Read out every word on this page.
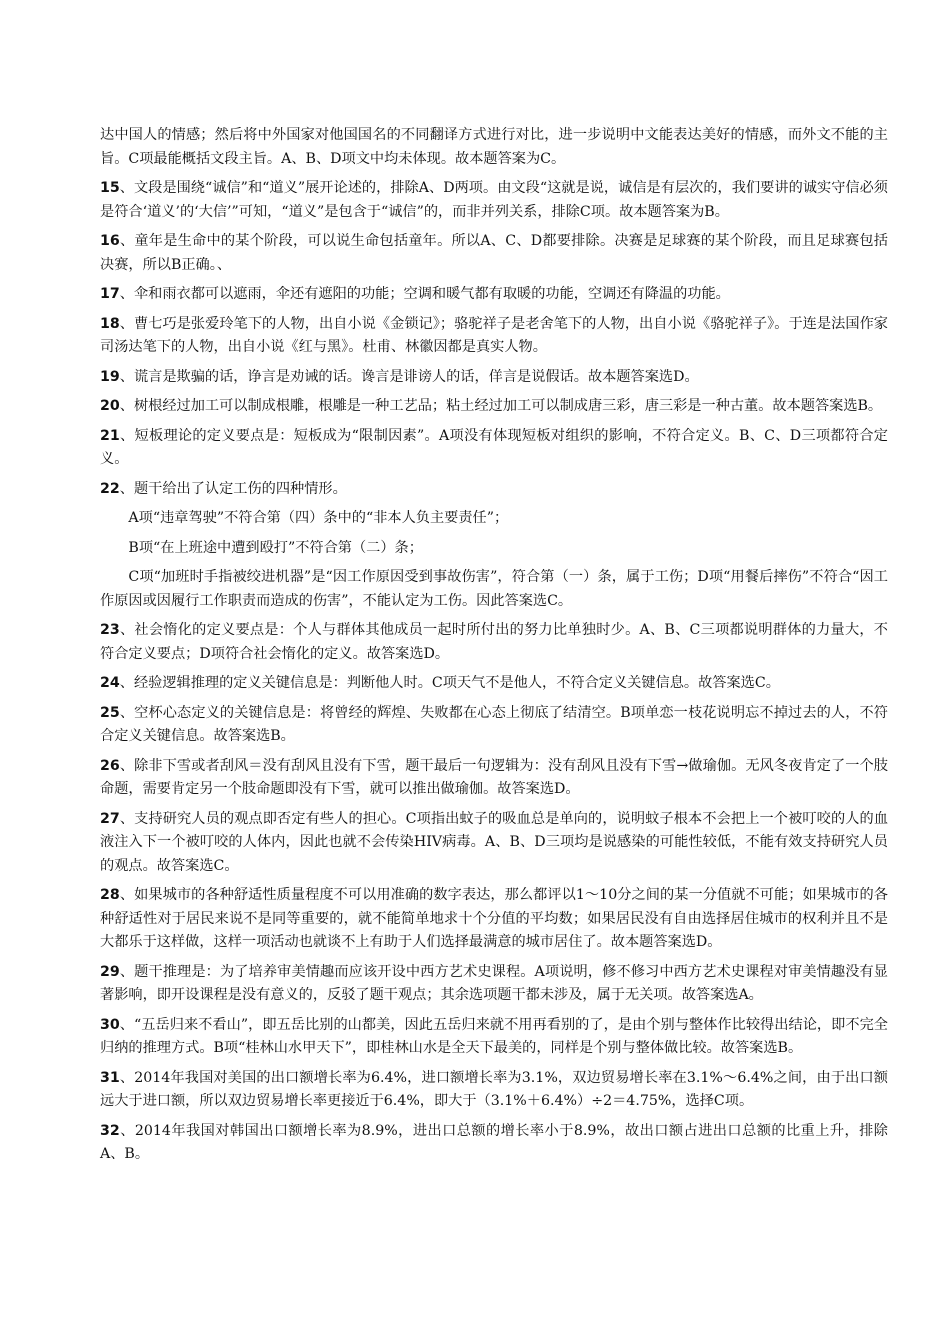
达中国人的情感；然后将中外国家对他国国名的不同翻译方式进行对比，进一步说明中文能表达美好的情感，而外文不能的主旨。C项最能概括文段主旨。A、B、D项文中均未体现。故本题答案为C。

15、文段是围绕“诚信”和“道义”展开论述的，排除A、D两项。由文段“这就是说，诚信是有层次的，我们要讲的诚实守信必须是符合‘道义’的‘大信’”可知，“道义”是包含于“诚信”的，而非并列关系，排除C项。故本题答案为B。

16、童年是生命中的某个阶段，可以说生命包括童年。所以A、C、D都要排除。决赛是足球赛的某个阶段，而且足球赛包括决赛，所以B正确。、

17、伞和雨衣都可以遮雨，伞还有遮阳的功能；空调和暖气都有取暖的功能，空调还有降温的功能。

18、曹七巧是张爱玲笔下的人物，出自小说《金锁记》；骆驼祥子是老舍笔下的人物，出自小说《骆驼祥子》。于连是法国作家司汤达笔下的人物，出自小说《红与黑》。杜甫、林徽因都是真实人物。

19、谎言是欺骗的话，诤言是劝诫的话。谗言是诽谤人的话，佯言是说假话。故本题答案选D。

20、树根经过加工可以制成根雕，根雕是一种工艺品；粘土经过加工可以制成唐三彩，唐三彩是一种古董。故本题答案选B。

21、短板理论的定义要点是：短板成为“限制因素”。A项没有体现短板对组织的影响，不符合定义。B、C、D三项都符合定义。

22、题干给出了认定工伤的四种情形。

A项“违章驾驶”不符合第（四）条中的“非本人负主要责任”；

B项“在上班途中遭到殴打”不符合第（二）条；

C项“加班时手指被绞进机器”是“因工作原因受到事故伤害”，符合第（一）条，属于工伤；D项“用餐后摔伤”不符合“因工作原因或因履行工作职责而造成的伤害”，不能认定为工伤。因此答案选C。

23、社会惰化的定义要点是：个人与群体其他成员一起时所付出的努力比单独时少。A、B、C三项都说明群体的力量大，不符合定义要点；D项符合社会惰化的定义。故答案选D。

24、经验逻辑推理的定义关键信息是：判断他人时。C项天气不是他人，不符合定义关键信息。故答案选C。

25、空杯心态定义的关键信息是：将曾经的辉煌、失败都在心态上彻底了结清空。B项单恋一枝花说明忘不掉过去的人，不符合定义关键信息。故答案选B。

26、除非下雪或者刮风＝没有刮风且没有下雪，题干最后一句逻辑为：没有刮风且没有下雪→做瑜伽。无风冬夜肯定了一个肢命题，需要肯定另一个肢命题即没有下雪，就可以推出做瑜伽。故答案选D。

27、支持研究人员的观点即否定有些人的担心。C项指出蚊子的吸血总是单向的，说明蚊子根本不会把上一个被叮咬的人的血液注入下一个被叮咬的人体内，因此也就不会传染HIV病毒。A、B、D三项均是说感染的可能性较低，不能有效支持研究人员的观点。故答案选C。

28、如果城市的各种舒适性质量程度不可以用准确的数字表达，那么都评以1～10分之间的某一分值就不可能；如果城市的各种舒适性对于居民来说不是同等重要的，就不能简单地求十个分值的平均数；如果居民没有自由选择居住城市的权利并且不是大都乐于这样做，这样一项活动也就谈不上有助于人们选择最满意的城市居住了。故本题答案选D。

29、题干推理是：为了培养审美情趣而应该开设中西方艺术史课程。A项说明，修不修习中西方艺术史课程对审美情趣没有显著影响，即开设课程是没有意义的，反驳了题干观点；其余选项题干都未涉及，属于无关项。故答案选A。

30、“五岳归来不看山”，即五岳比别的山都美，因此五岳归来就不用再看别的了，是由个别与整体作比较得出结论，即不完全归纳的推理方式。B项“桂林山水甲天下”，即桂林山水是全天下最美的，同样是个别与整体做比较。故答案选B。

31、2014年我国对美国的出口额增长率为6.4%，进口额增长率为3.1%，双边贸易增长率在3.1%～6.4%之间，由于出口额远大于进口额，所以双边贸易增长率更接近于6.4%，即大于（3.1%＋6.4%）÷2＝4.75%，选择C项。

32、2014年我国对韩国出口额增长率为8.9%，进出口总额的增长率小于8.9%，故出口额占进出口总额的比重上升，排除A、B。
